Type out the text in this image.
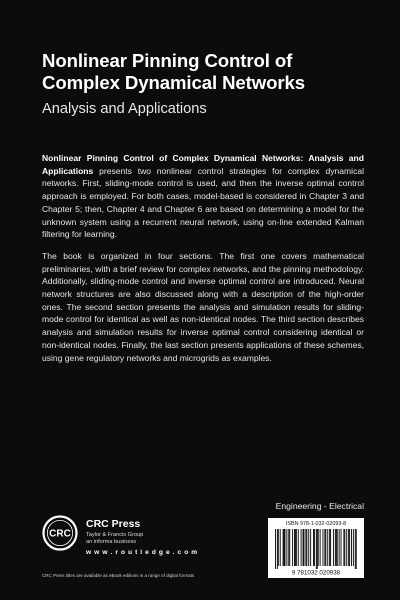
Nonlinear Pinning Control of
Complex Dynamical Networks
Analysis and Applications

Nonlinear Pinning Control of Complex Dynamical Networks: Analysis and Applications presents two nonlinear control strategies for complex dynamical networks. First, sliding-mode control is used, and then the inverse optimal control approach is employed. For both cases, model-based is considered in Chapter 3 and Chapter 5; then, Chapter 4 and Chapter 6 are based on determining a model for the unknown system using a recurrent neural network, using on-line extended Kalman filtering for learning.

The book is organized in four sections. The first one covers mathematical preliminaries, with a brief review for complex networks, and the pinning methodology. Additionally, sliding-mode control and inverse optimal control are introduced. Neural network structures are also discussed along with a description of the high-order ones. The second section presents the analysis and simulation results for sliding-mode control for identical as well as non-identical nodes. The third section describes analysis and simulation results for inverse optimal control considering identical or non-identical nodes. Finally, the last section presents applications of these schemes, using gene regulatory networks and microgrids as examples.

Engineering - Electrical
CRC
CRC Press
Taylor & Francis Group
an informa business
w w w . r o u t l e d g e . c o m
ISBN 978-1-032-02093-8
9 781032 020938
CRC Press titles are available as eBook editions in a range of digital formats
